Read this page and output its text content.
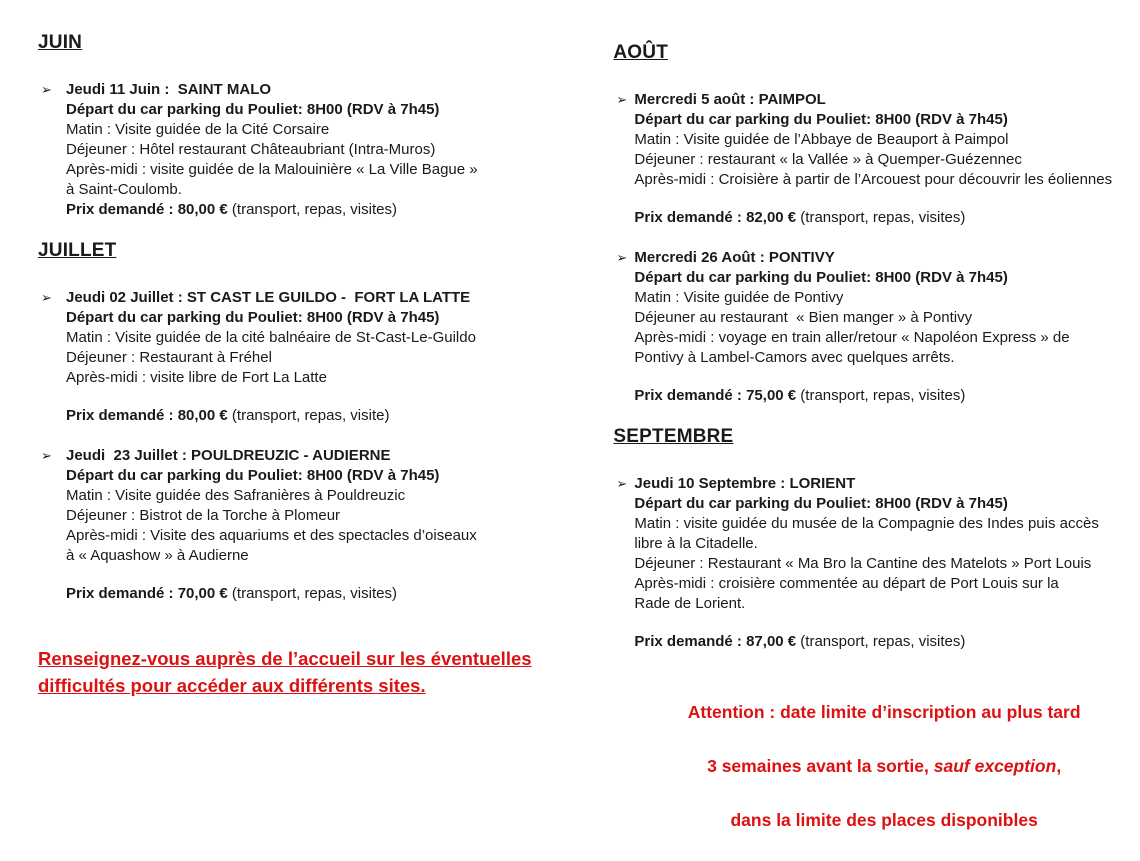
JUIN
➢ Jeudi 11 Juin :  SAINT MALO
Départ du car parking du Pouliet: 8H00 (RDV à 7h45)
Matin : Visite guidée de la Cité Corsaire
Déjeuner : Hôtel restaurant Châteaubriant (Intra-Muros)
Après-midi : visite guidée de la Malouinière « La Ville Bague »
à Saint-Coulomb.
Prix demandé : 80,00 € (transport, repas, visites)
JUILLET
➢ Jeudi 02 Juillet : ST CAST LE GUILDO -  FORT LA LATTE
Départ du car parking du Pouliet: 8H00 (RDV à 7h45)
Matin : Visite guidée de la cité balnéaire de St-Cast-Le-Guildo
Déjeuner : Restaurant à Fréhel
Après-midi : visite libre de Fort La Latte
Prix demandé : 80,00 € (transport, repas, visite)
➢ Jeudi  23 Juillet : POULDREUZIC - AUDIERNE
Départ du car parking du Pouliet: 8H00 (RDV à 7h45)
Matin : Visite guidée des Safranières à Pouldreuzic
Déjeuner : Bistrot de la Torche à Plomeur
Après-midi : Visite des aquariums et des spectacles d’oiseaux
à « Aquashow » à Audierne
Prix demandé : 70,00 € (transport, repas, visites)
Renseignez-vous auprès de l’accueil sur les éventuelles
difficultés pour accéder aux différents sites.
AOÛT
➢ Mercredi 5 août : PAIMPOL
Départ du car parking du Pouliet: 8H00 (RDV à 7h45)
Matin : Visite guidée de l’Abbaye de Beauport à Paimpol
Déjeuner : restaurant « la Vallée » à Quemper-Guézennec
Après-midi : Croisière à partir de l’Arcouest pour découvrir les éoliennes
Prix demandé : 82,00 € (transport, repas, visites)
➢ Mercredi 26 Août : PONTIVY
Départ du car parking du Pouliet: 8H00 (RDV à 7h45)
Matin : Visite guidée de Pontivy
Déjeuner au restaurant  « Bien manger » à Pontivy
Après-midi : voyage en train aller/retour « Napoléon Express » de
Pontivy à Lambel-Camors avec quelques arrêts.
Prix demandé : 75,00 € (transport, repas, visites)
SEPTEMBRE
➢ Jeudi 10 Septembre : LORIENT
Départ du car parking du Pouliet: 8H00 (RDV à 7h45)
Matin : visite guidée du musée de la Compagnie des Indes puis accès
libre à la Citadelle.
Déjeuner : Restaurant « Ma Bro la Cantine des Matelots » Port Louis
Après-midi : croisière commentée au départ de Port Louis sur la
Rade de Lorient.
Prix demandé : 87,00 € (transport, repas, visites)

Attention : date limite d’inscription au plus tard

3 semaines avant la sortie, sauf exception,

dans la limite des places disponibles
